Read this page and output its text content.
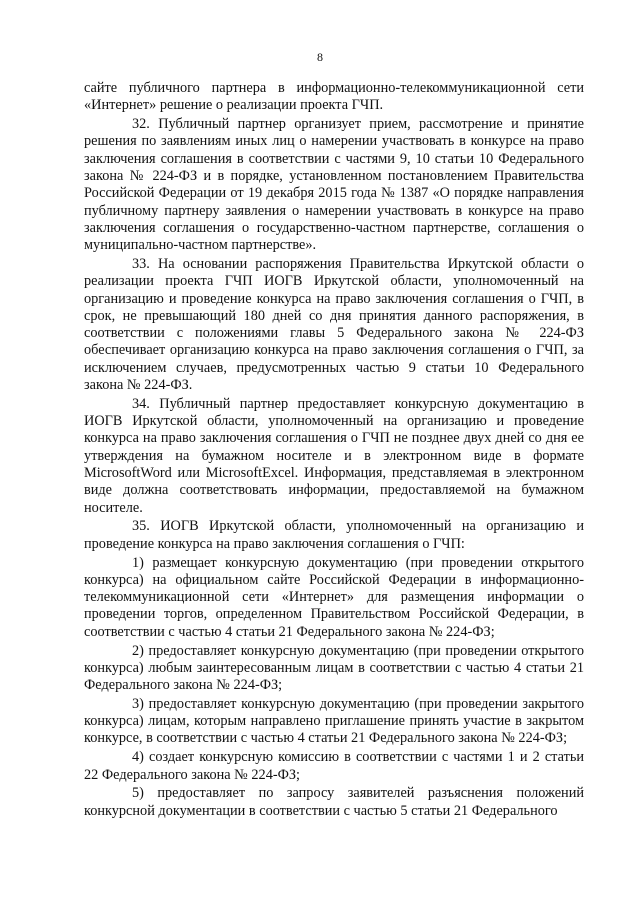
8

сайте публичного партнера в информационно-телекоммуникационной сети «Интернет» решение о реализации проекта ГЧП.

32. Публичный партнер организует прием, рассмотрение и принятие решения по заявлениям иных лиц о намерении участвовать в конкурсе на право заключения соглашения в соответствии с частями 9, 10 статьи 10 Федерального закона № 224-ФЗ и в порядке, установленном постановлением Правительства Российской Федерации от 19 декабря 2015 года № 1387 «О порядке направления публичному партнеру заявления о намерении участвовать в конкурсе на право заключения соглашения о государственно-частном партнерстве, соглашения о муниципально-частном партнерстве».

33. На основании распоряжения Правительства Иркутской области о реализации проекта ГЧП ИОГВ Иркутской области, уполномоченный на организацию и проведение конкурса на право заключения соглашения о ГЧП, в срок, не превышающий 180 дней со дня принятия данного распоряжения, в соответствии с положениями главы 5 Федерального закона № 224-ФЗ обеспечивает организацию конкурса на право заключения соглашения о ГЧП, за исключением случаев, предусмотренных частью 9 статьи 10 Федерального закона № 224-ФЗ.

34. Публичный партнер предоставляет конкурсную документацию в ИОГВ Иркутской области, уполномоченный на организацию и проведение конкурса на право заключения соглашения о ГЧП не позднее двух дней со дня ее утверждения на бумажном носителе и в электронном виде в формате MicrosoftWord или MicrosoftExcel. Информация, представляемая в электронном виде должна соответствовать информации, предоставляемой на бумажном носителе.

35. ИОГВ Иркутской области, уполномоченный на организацию и проведение конкурса на право заключения соглашения о ГЧП:

1) размещает конкурсную документацию (при проведении открытого конкурса) на официальном сайте Российской Федерации в информационно-телекоммуникационной сети «Интернет» для размещения информации о проведении торгов, определенном Правительством Российской Федерации, в соответствии с частью 4 статьи 21 Федерального закона № 224-ФЗ;

2) предоставляет конкурсную документацию (при проведении открытого конкурса) любым заинтересованным лицам в соответствии с частью 4 статьи 21 Федерального закона № 224-ФЗ;

3) предоставляет конкурсную документацию (при проведении закрытого конкурса) лицам, которым направлено приглашение принять участие в закрытом конкурсе, в соответствии с частью 4 статьи 21 Федерального закона № 224-ФЗ;

4) создает конкурсную комиссию в соответствии с частями 1 и 2 статьи 22 Федерального закона № 224-ФЗ;

5) предоставляет по запросу заявителей разъяснения положений конкурсной документации в соответствии с частью 5 статьи 21 Федерального
